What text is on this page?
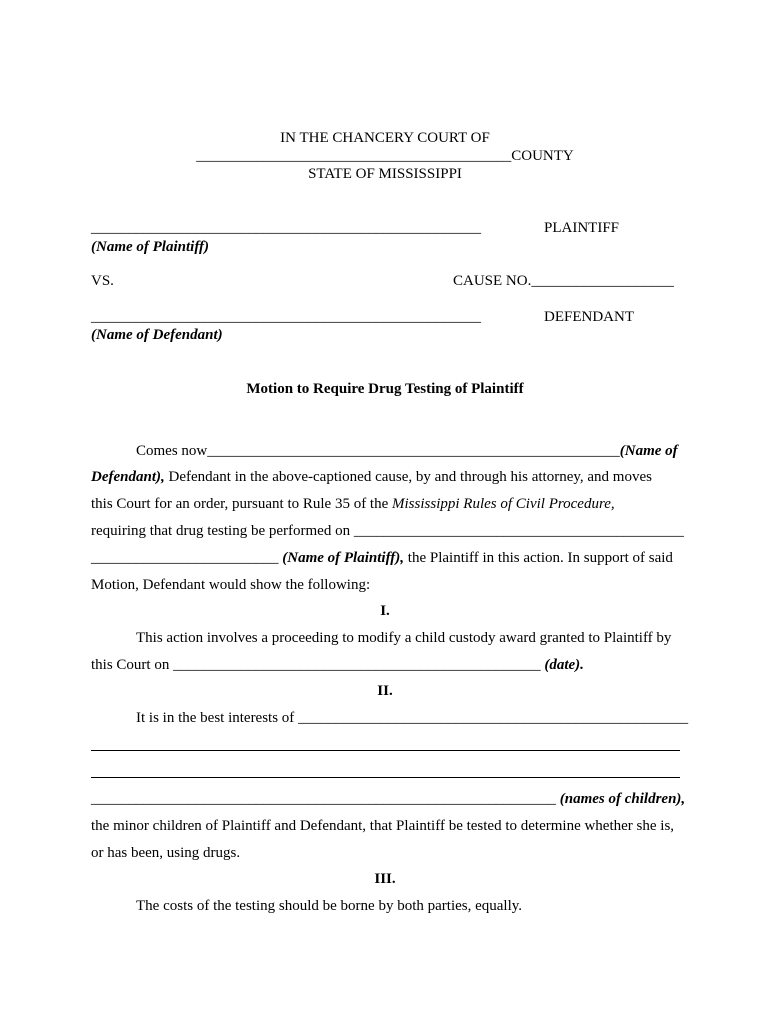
IN THE CHANCERY COURT OF
__________________________________________COUNTY
STATE OF MISSISSIPPI
____________________________________________________	PLAINTIFF
(Name of Plaintiff)
VS.	CAUSE NO.___________________
____________________________________________________	DEFENDANT
(Name of Defendant)
Motion to Require Drug Testing of Plaintiff
Comes now _______________________________________________________ (Name of
Defendant), Defendant in the above-captioned cause, by and through his attorney, and moves
this Court for an order, pursuant to Rule 35 of the Mississippi Rules of Civil Procedure,
requiring that drug testing be performed on ____________________________________________
_________________________ (Name of Plaintiff), the Plaintiff in this action. In support of said
Motion, Defendant would show the following:
I.
This action involves a proceeding to modify a child custody award granted to Plaintiff by
this Court on _________________________________________________ (date).
II.
It is in the best interests of ____________________________________________________
______________________________________________________________ (names of children),
the minor children of Plaintiff and Defendant, that Plaintiff be tested to determine whether she is,
or has been, using drugs.
III.
The costs of the testing should be borne by both parties, equally.
